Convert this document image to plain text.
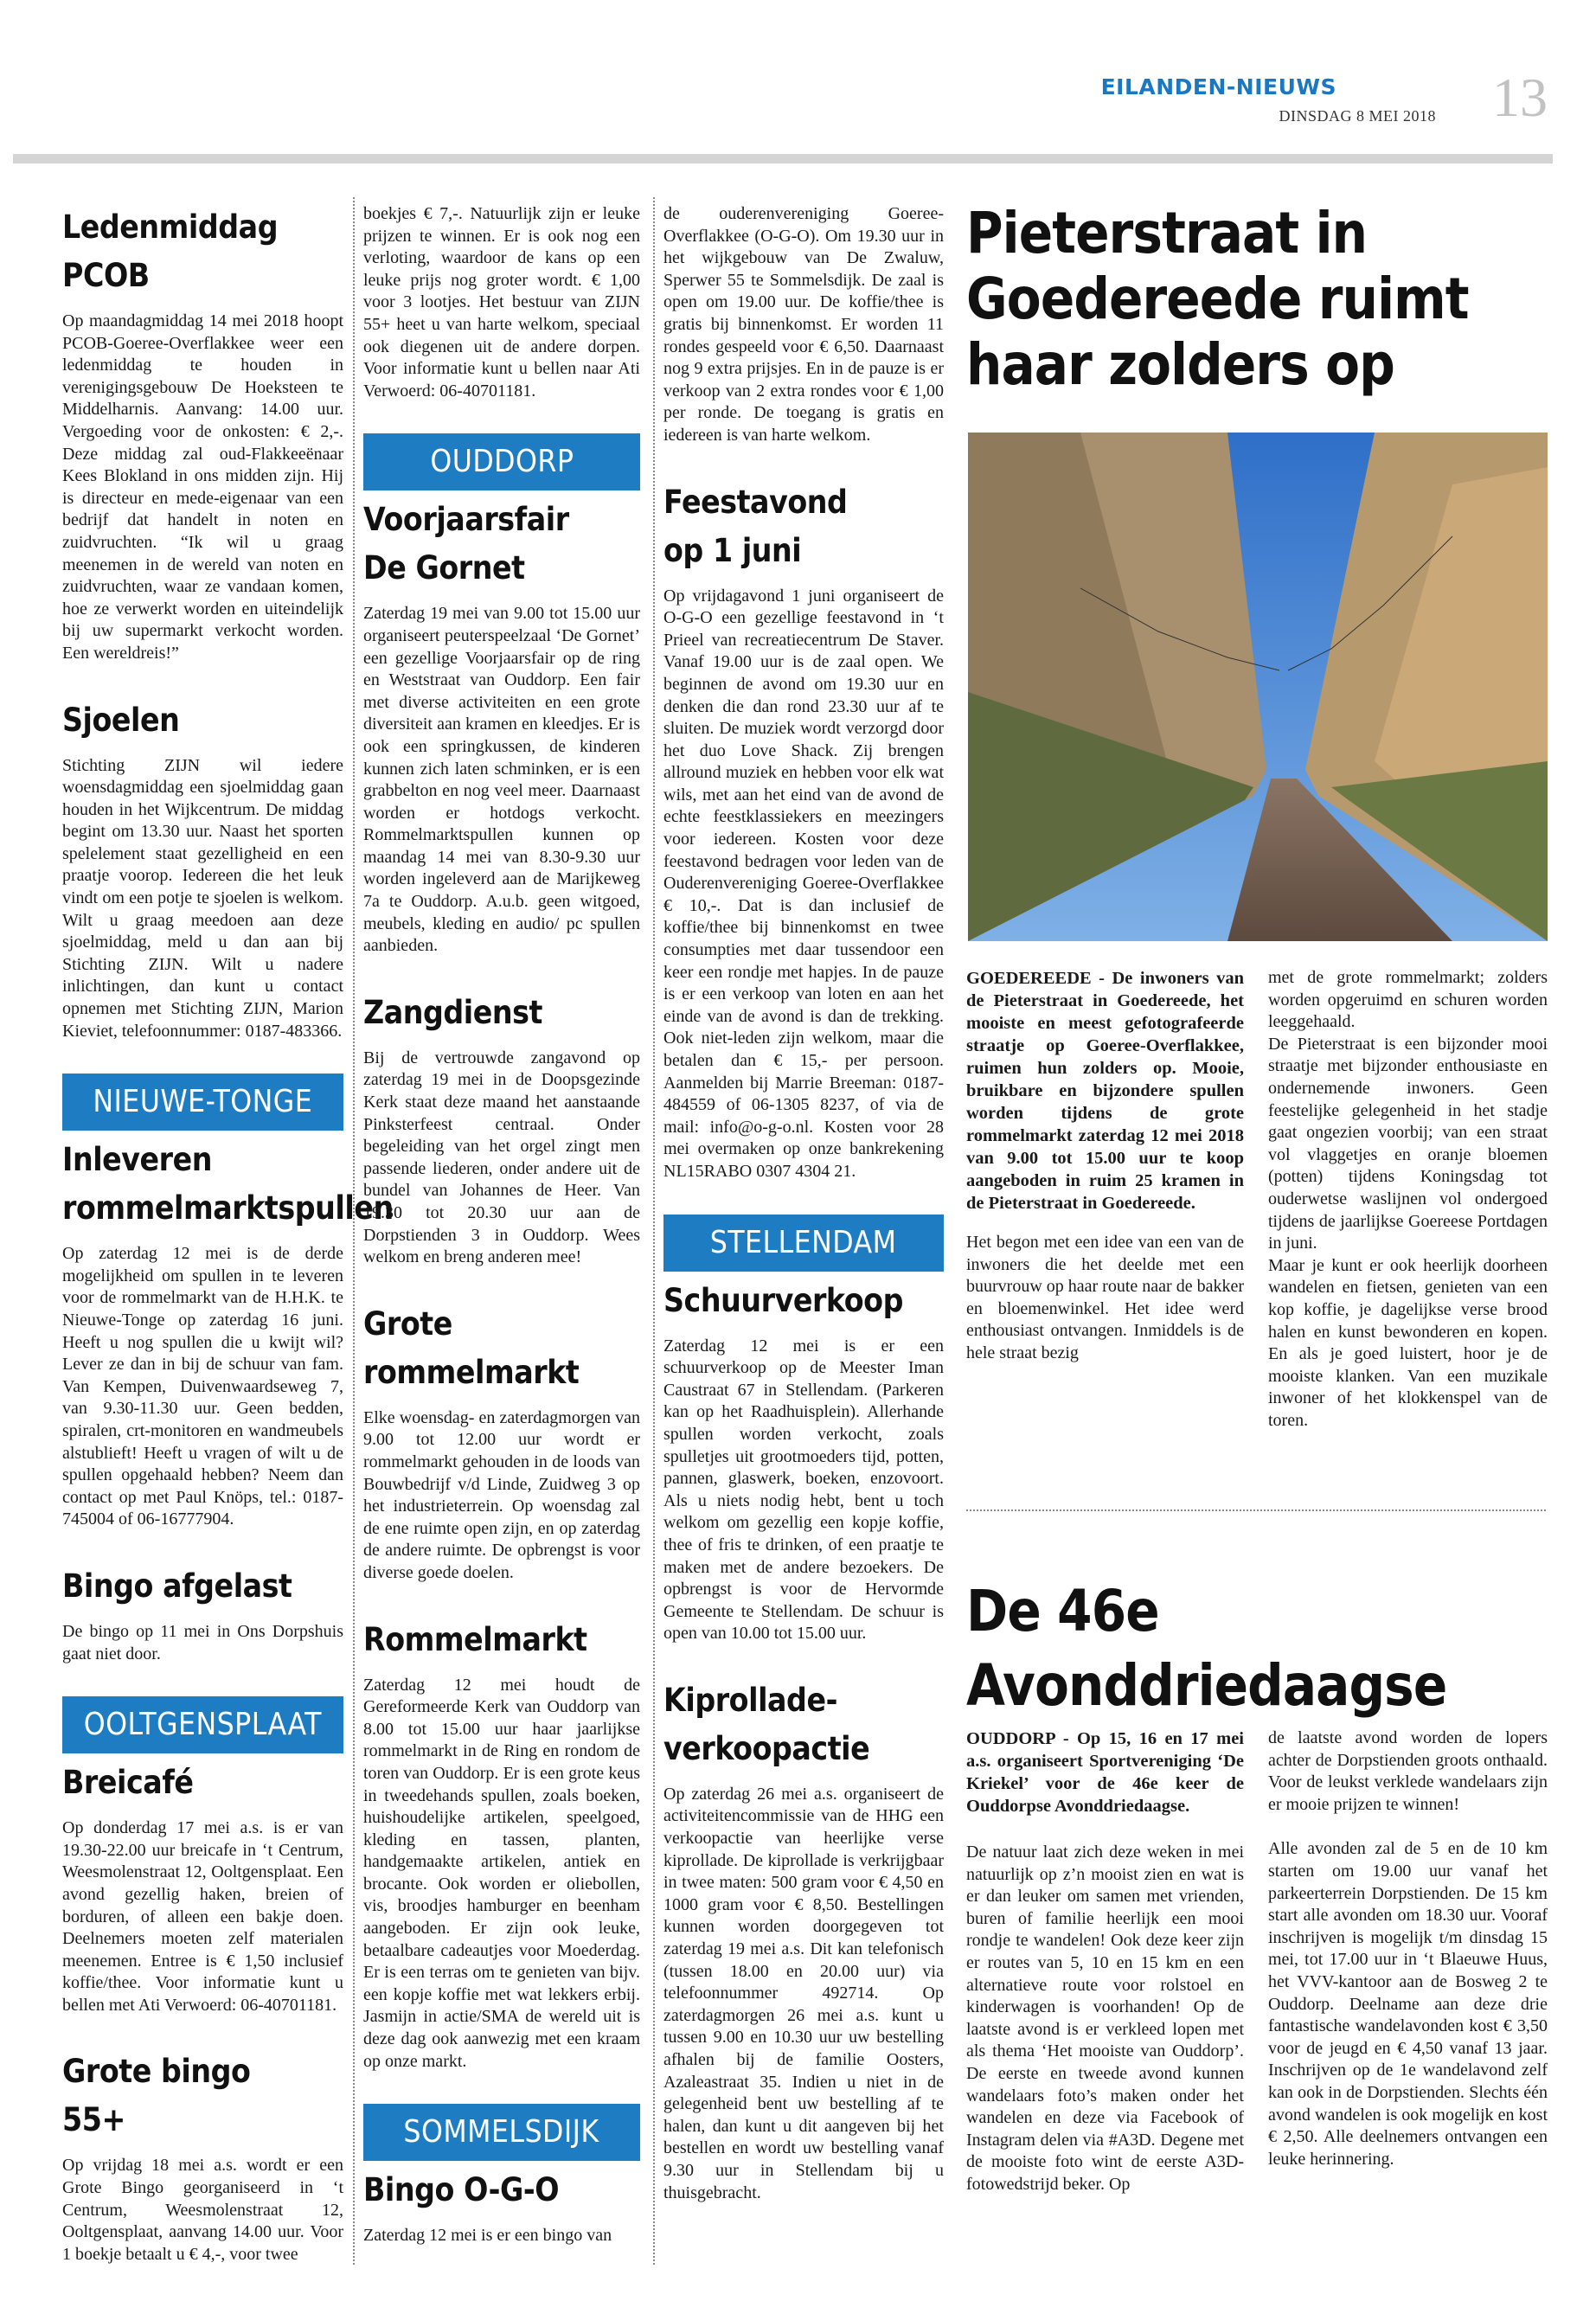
EILANDEN-NIEUWS
DINSDAG 8 MEI 2018 13
Ledenmiddag PCOB

Op maandagmiddag 14 mei 2018 hoopt PCOB-Goeree-Overflakkee weer een ledenmiddag te houden in verenigingsgebouw De Hoeksteen te Middelharnis. Aanvang: 14.00 uur. Vergoeding voor de onkosten: € 2,-. Deze middag zal oud-Flakkeeënaar Kees Blokland in ons midden zijn. Hij is directeur en mede-eigenaar van een bedrijf dat handelt in noten en zuidvruchten. “Ik wil u graag meenemen in de wereld van noten en zuidvruchten, waar ze vandaan komen, hoe ze verwerkt worden en uiteindelijk bij uw supermarkt verkocht worden. Een wereldreis!”

Sjoelen

Stichting ZIJN wil iedere woensdagmiddag een sjoelmiddag gaan houden in het Wijkcentrum. De middag begint om 13.30 uur. Naast het sporten spelelement staat gezelligheid en een praatje voorop. Iedereen die het leuk vindt om een potje te sjoelen is welkom. Wilt u graag meedoen aan deze sjoelmiddag, meld u dan aan bij Stichting ZIJN. Wilt u nadere inlichtingen, dan kunt u contact opnemen met Stichting ZIJN, Marion Kieviet, telefoonnummer: 0187-483366.

NIEUWE-TONGE
Inleveren rommelmarktspullen

Op zaterdag 12 mei is de derde mogelijkheid om spullen in te leveren voor de rommelmarkt van de H.H.K. te Nieuwe-Tonge op zaterdag 16 juni. Heeft u nog spullen die u kwijt wil? Lever ze dan in bij de schuur van fam. Van Kempen, Duivenwaardseweg 7, van 9.30-11.30 uur. Geen bedden, spiralen, crt-monitoren en wandmeubels alstublieft! Heeft u vragen of wilt u de spullen opgehaald hebben? Neem dan contact op met Paul Knöps, tel.: 0187-745004 of 06-16777904.

Bingo afgelast

De bingo op 11 mei in Ons Dorpshuis gaat niet door.

OOLTGENSPLAAT
Breicafé

Op donderdag 17 mei a.s. is er van 19.30-22.00 uur breicafe in ‘t Centrum, Weesmolenstraat 12, Ooltgensplaat. Een avond gezellig haken, breien of borduren, of alleen een bakje doen. Deelnemers moeten zelf materialen meenemen. Entree is € 1,50 inclusief koffie/thee. Voor informatie kunt u bellen met Ati Verwoerd: 06-40701181.

Grote bingo 55+

Op vrijdag 18 mei a.s. wordt er een Grote Bingo georganiseerd in ‘t Centrum, Weesmolenstraat 12, Ooltgensplaat, aanvang 14.00 uur. Voor 1 boekje betaalt u € 4,-, voor twee

boekjes € 7,-. Natuurlijk zijn er leuke prijzen te winnen. Er is ook nog een verloting, waardoor de kans op een leuke prijs nog groter wordt. € 1,00 voor 3 lootjes. Het bestuur van ZIJN 55+ heet u van harte welkom, speciaal ook diegenen uit de andere dorpen. Voor informatie kunt u bellen naar Ati Verwoerd: 06-40701181.

OUDDORP
Voorjaarsfair De Gornet

Zaterdag 19 mei van 9.00 tot 15.00 uur organiseert peuterspeelzaal ‘De Gornet’ een gezellige Voorjaarsfair op de ring en Weststraat van Ouddorp. Een fair met diverse activiteiten en een grote diversiteit aan kramen en kleedjes. Er is ook een springkussen, de kinderen kunnen zich laten schminken, er is een grabbelton en nog veel meer. Daarnaast worden er hotdogs verkocht. Rommelmarktspullen kunnen op maandag 14 mei van 8.30-9.30 uur worden ingeleverd aan de Marijkeweg 7a te Ouddorp. A.u.b. geen witgoed, meubels, kleding en audio/ pc spullen aanbieden.

Zangdienst

Bij de vertrouwde zangavond op zaterdag 19 mei in de Doopsgezinde Kerk staat deze maand het aanstaande Pinksterfeest centraal. Onder begeleiding van het orgel zingt men passende liederen, onder andere uit de bundel van Johannes de Heer. Van 19.30 tot 20.30 uur aan de Dorpstienden 3 in Ouddorp. Wees welkom en breng anderen mee!

Grote rommelmarkt

Elke woensdag- en zaterdagmorgen van 9.00 tot 12.00 uur wordt er rommelmarkt gehouden in de loods van Bouwbedrijf v/d Linde, Zuidweg 3 op het industrieterrein. Op woensdag zal de ene ruimte open zijn, en op zaterdag de andere ruimte. De opbrengst is voor diverse goede doelen.

Rommelmarkt

Zaterdag 12 mei houdt de Gereformeerde Kerk van Ouddorp van 8.00 tot 15.00 uur haar jaarlijkse rommelmarkt in de Ring en rondom de toren van Ouddorp. Er is een grote keus in tweedehands spullen, zoals boeken, huishoudelijke artikelen, speelgoed, kleding en tassen, planten, handgemaakte artikelen, antiek en brocante. Ook worden er oliebollen, vis, broodjes hamburger en beenham aangeboden. Er zijn ook leuke, betaalbare cadeautjes voor Moederdag. Er is een terras om te genieten van bijv. een kopje koffie met wat lekkers erbij. Jasmijn in actie/SMA de wereld uit is deze dag ook aanwezig met een kraam op onze markt.

SOMMELSDIJK
Bingo O-G-O

Zaterdag 12 mei is er een bingo van

de ouderenvereniging Goeree-Overflakkee (O-G-O). Om 19.30 uur in het wijkgebouw van De Zwaluw, Sperwer 55 te Sommelsdijk. De zaal is open om 19.00 uur. De koffie/thee is gratis bij binnenkomst. Er worden 11 rondes gespeeld voor € 6,50. Daarnaast nog 9 extra prijsjes. En in de pauze is er verkoop van 2 extra rondes voor € 1,00 per ronde. De toegang is gratis en iedereen is van harte welkom.

Feestavond op 1 juni

Op vrijdagavond 1 juni organiseert de O-G-O een gezellige feestavond in ‘t Prieel van recreatiecentrum De Staver. Vanaf 19.00 uur is de zaal open. We beginnen de avond om 19.30 uur en denken die dan rond 23.30 uur af te sluiten. De muziek wordt verzorgd door het duo Love Shack. Zij brengen allround muziek en hebben voor elk wat wils, met aan het eind van de avond de echte feestklassiekers en meezingers voor iedereen. Kosten voor deze feestavond bedragen voor leden van de Ouderenvereniging Goeree-Overflakkee € 10,-. Dat is dan inclusief de koffie/thee bij binnenkomst en twee consumpties met daar tussendoor een keer een rondje met hapjes. In de pauze is er een verkoop van loten en aan het einde van de avond is dan de trekking. Ook niet-leden zijn welkom, maar die betalen dan € 15,- per persoon. Aanmelden bij Marrie Breeman: 0187-484559 of 06-1305 8237, of via de mail: info@o-g-o.nl. Kosten voor 28 mei overmaken op onze bankrekening NL15RABO 0307 4304 21.

STELLENDAM
Schuurverkoop

Zaterdag 12 mei is er een schuurverkoop op de Meester Iman Caustraat 67 in Stellendam. (Parkeren kan op het Raadhuisplein). Allerhande spullen worden verkocht, zoals spulletjes uit grootmoeders tijd, potten, pannen, glaswerk, boeken, enzovoort. Als u niets nodig hebt, bent u toch welkom om gezellig een kopje koffie, thee of fris te drinken, of een praatje te maken met de andere bezoekers. De opbrengst is voor de Hervormde Gemeente te Stellendam. De schuur is open van 10.00 tot 15.00 uur.

Kiprollade-verkoopactie

Op zaterdag 26 mei a.s. organiseert de activiteitencommissie van de HHG een verkoopactie van heerlijke verse kiprollade. De kiprollade is verkrijgbaar in twee maten: 500 gram voor € 4,50 en 1000 gram voor € 8,50. Bestellingen kunnen worden doorgegeven tot zaterdag 19 mei a.s. Dit kan telefonisch (tussen 18.00 en 20.00 uur) via telefoonnummer 492714. Op zaterdagmorgen 26 mei a.s. kunt u tussen 9.00 en 10.30 uur uw bestelling afhalen bij de familie Oosters, Azaleastraat 35. Indien u niet in de gelegenheid bent uw bestelling af te halen, dan kunt u dit aangeven bij het bestellen en wordt uw bestelling vanaf 9.30 uur in Stellendam bij u thuisgebracht.

Pieterstraat in
Goedereede ruimt
haar zolders op

GOEDEREEDE - De inwoners van de Pieterstraat in Goedereede, het mooiste en meest gefotografeerde straatje op Goeree-Overflakkee, ruimen hun zolders op. Mooie, bruikbare en bijzondere spullen worden tijdens de grote rommelmarkt zaterdag 12 mei 2018 van 9.00 tot 15.00 uur te koop aangeboden in ruim 25 kramen in de Pieterstraat in Goedereede.

Het begon met een idee van een van de inwoners die het deelde met een buurvrouw op haar route naar de bakker en bloemenwinkel. Het idee werd enthousiast ontvangen. Inmiddels is de hele straat bezig

met de grote rommelmarkt; zolders worden opgeruimd en schuren worden leeggehaald.

De Pieterstraat is een bijzonder mooi straatje met bijzonder enthousiaste en ondernemende inwoners. Geen feestelijke gelegenheid in het stadje gaat ongezien voorbij; van een straat vol vlaggetjes en oranje bloemen (potten) tijdens Koningsdag tot ouderwetse waslijnen vol ondergoed tijdens de jaarlijkse Goereese Portdagen in juni.

Maar je kunt er ook heerlijk doorheen wandelen en fietsen, genieten van een kop koffie, je dagelijkse verse brood halen en kunst bewonderen en kopen. En als je goed luistert, hoor je de mooiste klanken. Van een muzikale inwoner of het klokkenspel van de toren.

De 46e
Avonddriedaagse

OUDDORP - Op 15, 16 en 17 mei a.s. organiseert Sportvereniging ‘De Kriekel’ voor de 46e keer de Ouddorpse Avonddriedaagse.

De natuur laat zich deze weken in mei natuurlijk op z’n mooist zien en wat is er dan leuker om samen met vrienden, buren of familie heerlijk een mooi rondje te wandelen! Ook deze keer zijn er routes van 5, 10 en 15 km en een alternatieve route voor rolstoel en kinderwagen is voorhanden! Op de laatste avond is er verkleed lopen met als thema ‘Het mooiste van Ouddorp’. De eerste en tweede avond kunnen wandelaars foto’s maken onder het wandelen en deze via Facebook of Instagram delen via #A3D. Degene met de mooiste foto wint de eerste A3D-fotowedstrijd beker. Op

de laatste avond worden de lopers achter de Dorpstienden groots onthaald. Voor de leukst verklede wandelaars zijn er mooie prijzen te winnen!

Alle avonden zal de 5 en de 10 km starten om 19.00 uur vanaf het parkeerterrein Dorpstienden. De 15 km start alle avonden om 18.30 uur. Vooraf inschrijven is mogelijk t/m dinsdag 15 mei, tot 17.00 uur in ‘t Blaeuwe Huus, het VVV-kantoor aan de Bosweg 2 te Ouddorp. Deelname aan deze drie fantastische wandelavonden kost € 3,50 voor de jeugd en € 4,50 vanaf 13 jaar. Inschrijven op de 1e wandelavond zelf kan ook in de Dorpstienden. Slechts één avond wandelen is ook mogelijk en kost € 2,50. Alle deelnemers ontvangen een leuke herinnering.
